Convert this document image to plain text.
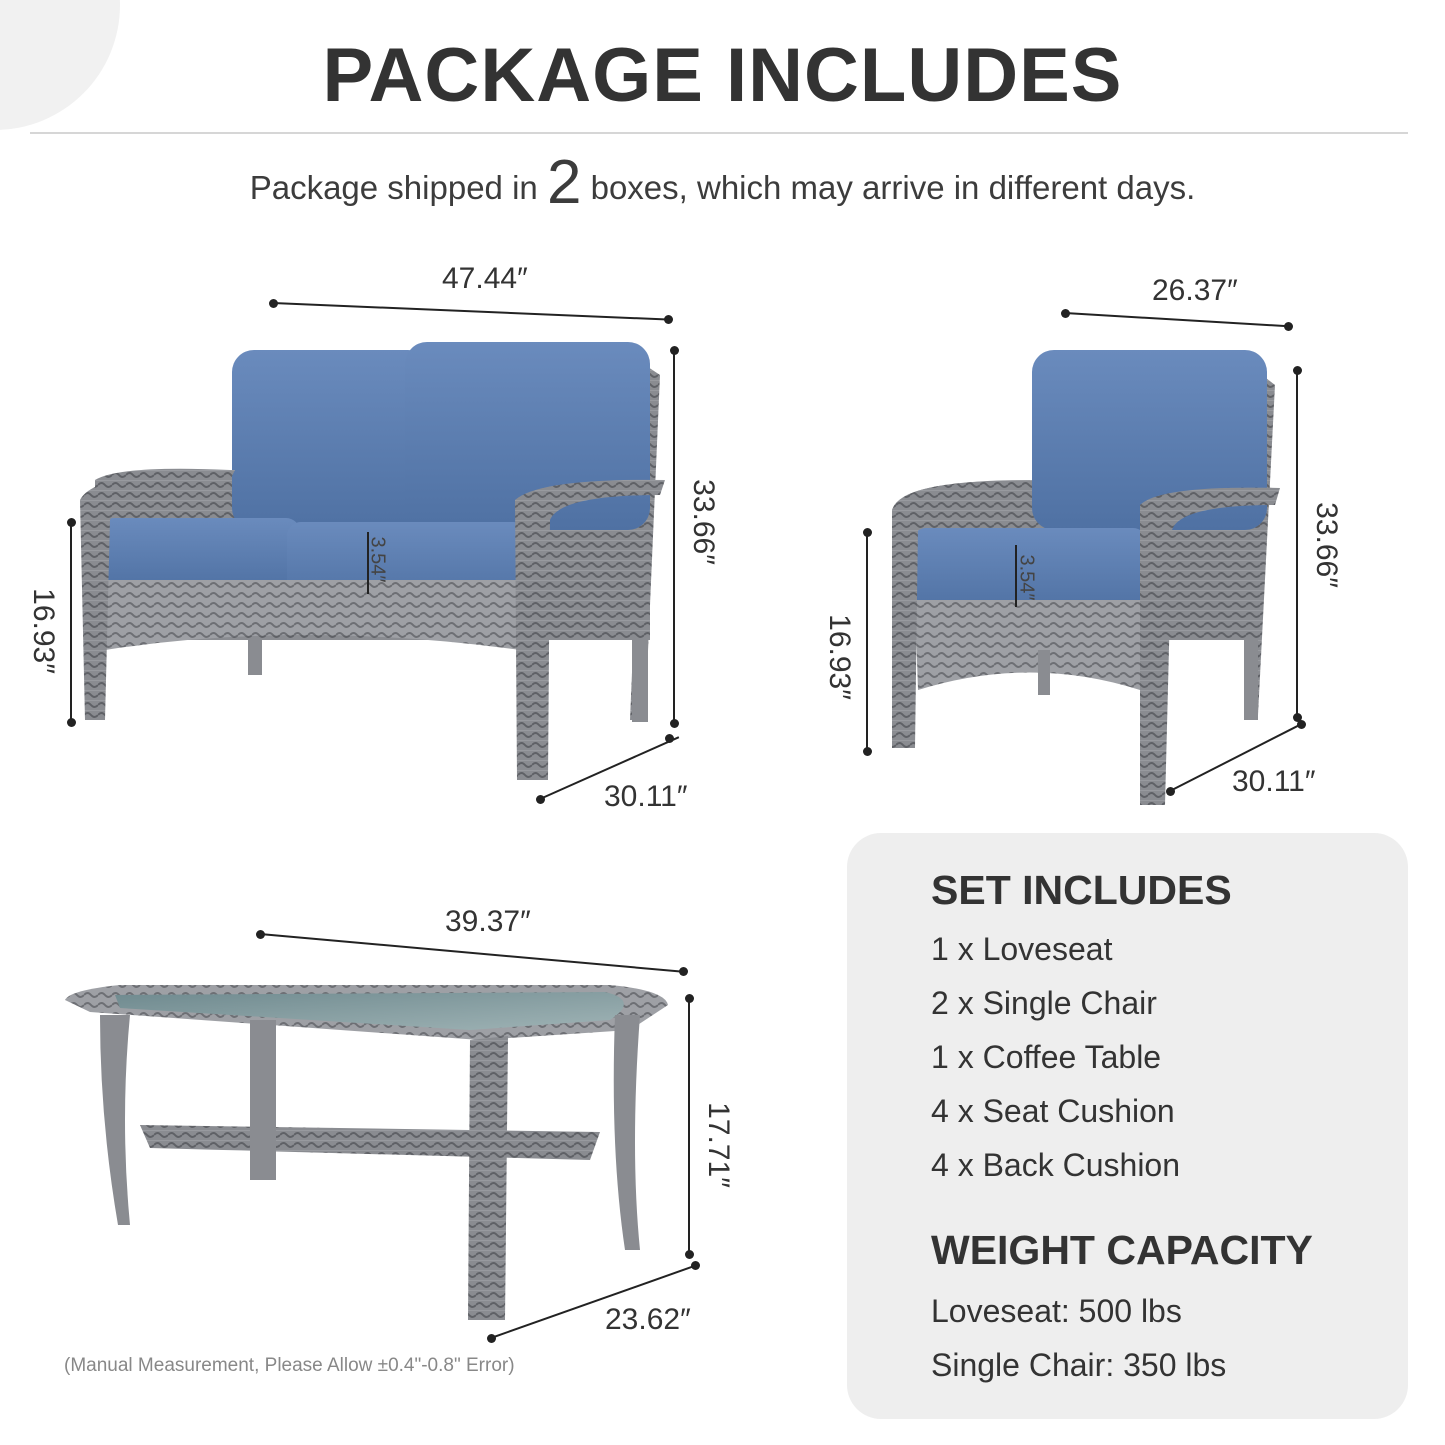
PACKAGE INCLUDES
Package shipped in 2 boxes, which may arrive in different days.
47.44″
33.66″
16.93″
3.54″
30.11″
26.37″
33.66″
16.93″
3.54″
30.11″
39.37″
17.71″
23.62″
SET INCLUDES
1 x Loveseat
2 x Single Chair
1 x Coffee Table
4 x Seat Cushion
4 x Back Cushion
WEIGHT CAPACITY
Loveseat: 500 lbs
Single Chair: 350 lbs
(Manual Measurement, Please Allow ±0.4"-0.8" Error)
